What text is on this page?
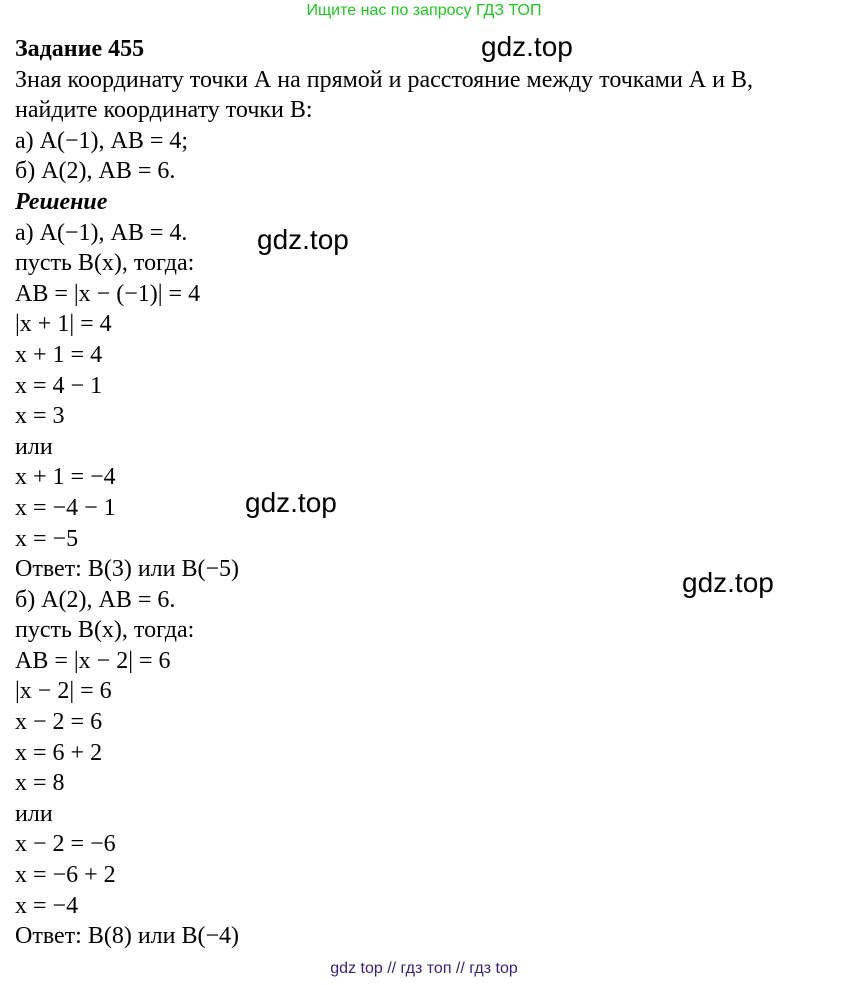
Ищите нас по запросу ГДЗ ТОП
Задание 455
Зная координату точки А на прямой и расстояние между точками А и В,
найдите координату точки В:
а) А(−1), АВ = 4;
б) А(2), АВ = 6.
Решение
а) А(−1), АВ = 4.
пусть В(x), тогда:
АВ = |x − (−1)| = 4
|x + 1| = 4
x + 1 = 4
x = 4 − 1
x = 3
или
x + 1 = −4
x = −4 − 1
x = −5
Ответ: В(3) или В(−5)
б) А(2), АВ = 6.
пусть В(x), тогда:
АВ = |x − 2| = 6
|x − 2| = 6
x − 2 = 6
x = 6 + 2
x = 8
или
x − 2 = −6
x = −6 + 2
x = −4
Ответ: В(8) или В(−4)
gdz.top
gdz.top
gdz.top
gdz.top
gdz top // гдз топ // гдз top
